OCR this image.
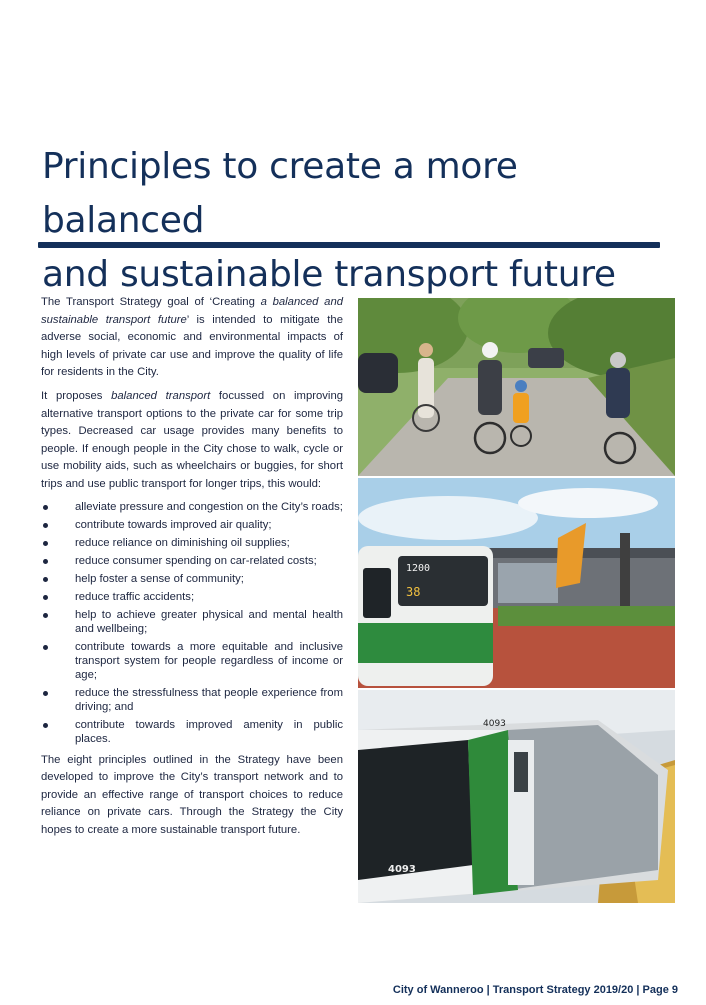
Principles to create a more balanced
and sustainable transport future

The Transport Strategy goal of ‘Creating a balanced and sustainable transport future’ is intended to mitigate the adverse social, economic and environmental impacts of high levels of private car use and improve the quality of life for residents in the City.

It proposes balanced transport focussed on improving alternative transport options to the private car for some trip types. Decreased car usage provides many benefits to people. If enough people in the City chose to walk, cycle or use mobility aids, such as wheelchairs or buggies, for short trips and use public transport for longer trips, this would:

alleviate pressure and congestion on the City’s roads;
contribute towards improved air quality;
reduce reliance on diminishing oil supplies;
reduce consumer spending on car-related costs;
help foster a sense of community;
reduce traffic accidents;
help to achieve greater physical and mental health and wellbeing;
contribute towards a more equitable and inclusive transport system for people regardless of income or age;
reduce the stressfulness that people experience from driving; and
contribute towards improved amenity in public places.

The eight principles outlined in the Strategy have been developed to improve the City’s transport network and to provide an effective range of transport choices to reduce reliance on private cars. Through the Strategy the City hopes to create a more sustainable transport future.

1200
38
4093
4093
City of Wanneroo | Transport Strategy 2019/20 | Page 9
